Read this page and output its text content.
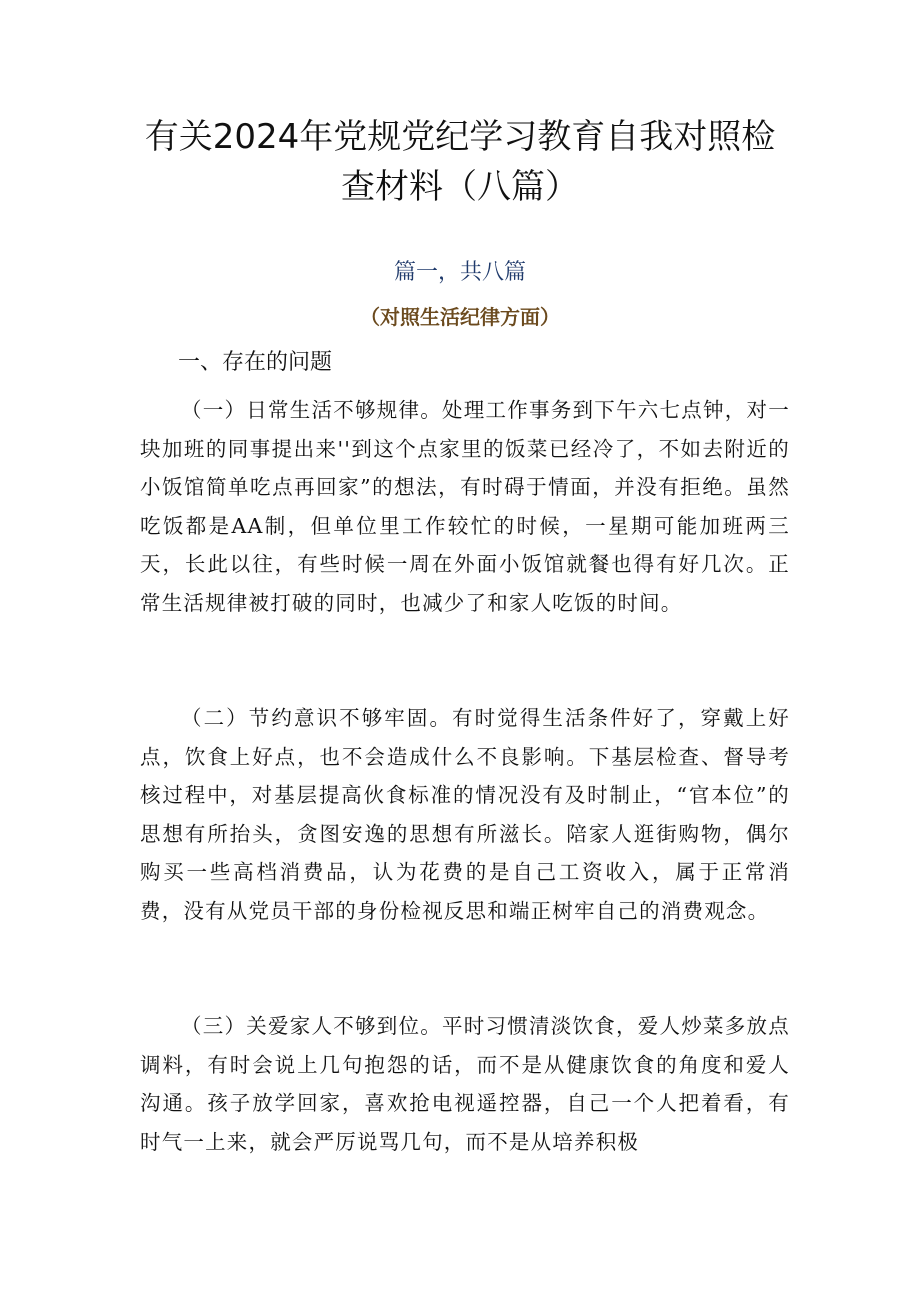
有关2024年党规党纪学习教育自我对照检
查材料（八篇）
篇一，共八篇
（对照生活纪律方面）
一、存在的问题

（一）日常生活不够规律。处理工作事务到下午六七点钟，对一块加班的同事提出来''到这个点家里的饭菜已经冷了，不如去附近的小饭馆简单吃点再回家”的想法，有时碍于情面，并没有拒绝。虽然吃饭都是AA制，但单位里工作较忙的时候，一星期可能加班两三天，长此以往，有些时候一周在外面小饭馆就餐也得有好几次。正常生活规律被打破的同时，也减少了和家人吃饭的时间。

（二）节约意识不够牢固。有时觉得生活条件好了，穿戴上好点，饮食上好点，也不会造成什么不良影响。下基层检查、督导考核过程中，对基层提高伙食标准的情况没有及时制止，“官本位”的思想有所抬头，贪图安逸的思想有所滋长。陪家人逛街购物，偶尔购买一些高档消费品，认为花费的是自己工资收入，属于正常消费，没有从党员干部的身份检视反思和端正树牢自己的消费观念。

（三）关爱家人不够到位。平时习惯清淡饮食，爱人炒菜多放点调料，有时会说上几句抱怨的话，而不是从健康饮食的角度和爱人沟通。孩子放学回家，喜欢抢电视遥控器，自己一个人把着看，有时气一上来，就会严厉说骂几句，而不是从培养积极
